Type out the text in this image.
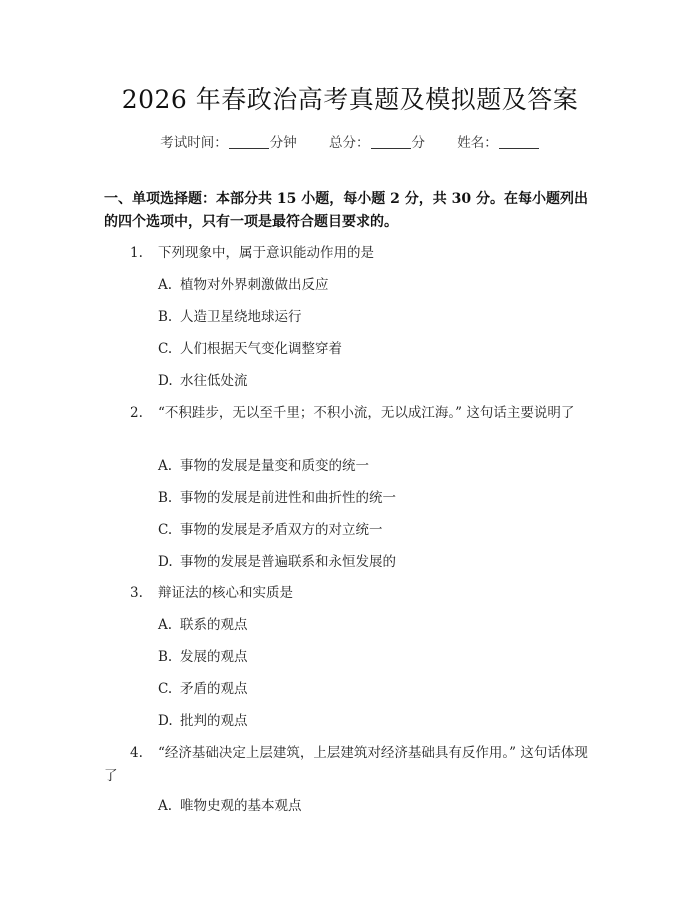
2026 年春政治高考真题及模拟题及答案
考试时间：	分钟 总分：	分 姓名：
一、单项选择题：本部分共 15 小题，每小题 2 分，共 30 分。在每小题列出的四个选项中，只有一项是最符合题目要求的。
1. 下列现象中，属于意识能动作用的是
A. 植物对外界刺激做出反应
B. 人造卫星绕地球运行
C. 人们根据天气变化调整穿着
D. 水往低处流
2. “不积跬步，无以至千里；不积小流，无以成江海。” 这句话主要说明了
A. 事物的发展是量变和质变的统一
B. 事物的发展是前进性和曲折性的统一
C. 事物的发展是矛盾双方的对立统一
D. 事物的发展是普遍联系和永恒发展的
3. 辩证法的核心和实质是
A. 联系的观点
B. 发展的观点
C. 矛盾的观点
D. 批判的观点
4. “经济基础决定上层建筑，上层建筑对经济基础具有反作用。” 这句话体现了
A. 唯物史观的基本观点
